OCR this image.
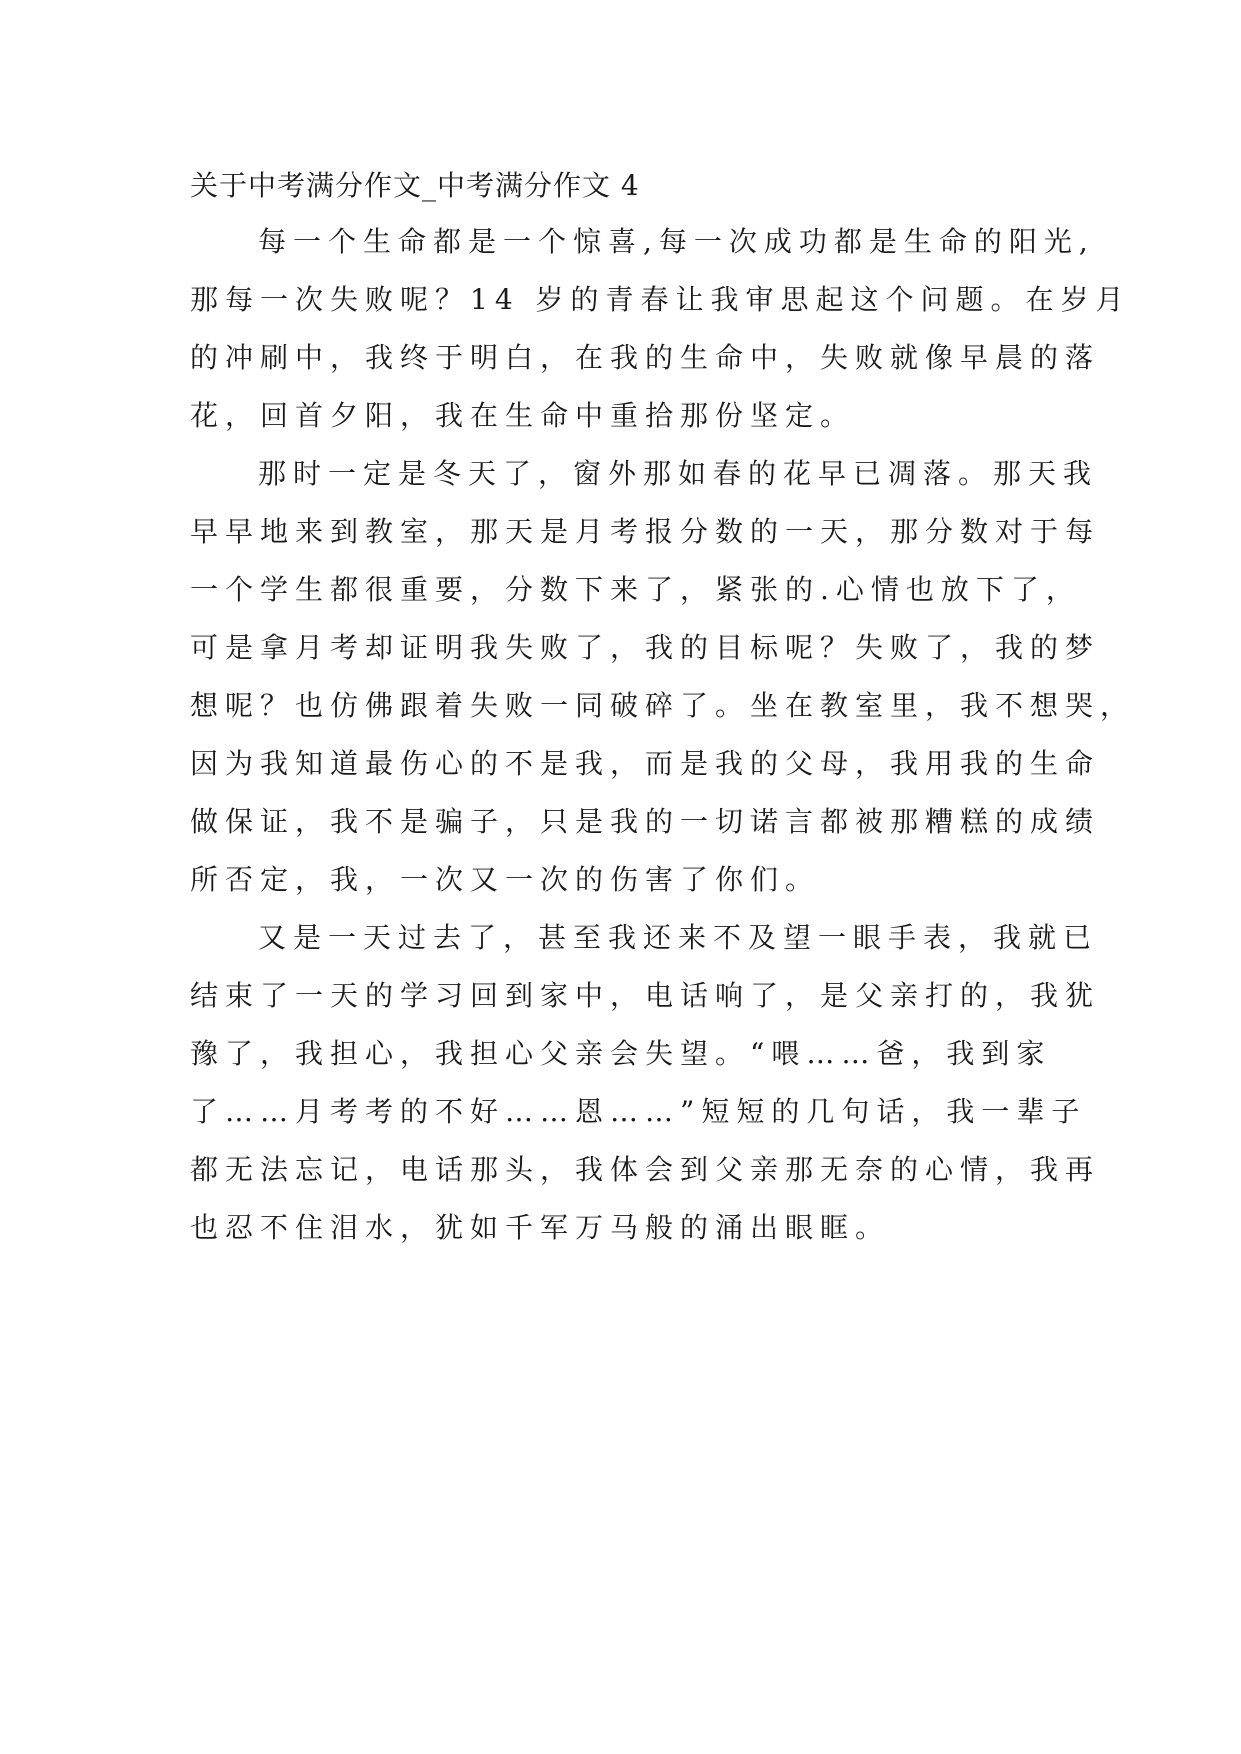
关于中考满分作文_中考满分作文 4
每一个生命都是一个惊喜,每一次成功都是生命的阳光,
那每一次失败呢？14 岁的青春让我审思起这个问题。在岁月
的冲刷中，我终于明白，在我的生命中，失败就像早晨的落
花，回首夕阳，我在生命中重拾那份坚定。
那时一定是冬天了，窗外那如春的花早已凋落。那天我
早早地来到教室，那天是月考报分数的一天，那分数对于每
一个学生都很重要，分数下来了，紧张的.心情也放下了，
可是拿月考却证明我失败了，我的目标呢？失败了，我的梦
想呢？也仿佛跟着失败一同破碎了。坐在教室里，我不想哭，
因为我知道最伤心的不是我，而是我的父母，我用我的生命
做保证，我不是骗子，只是我的一切诺言都被那糟糕的成绩
所否定，我，一次又一次的伤害了你们。
又是一天过去了，甚至我还来不及望一眼手表，我就已
结束了一天的学习回到家中，电话响了，是父亲打的，我犹
豫了，我担心，我担心父亲会失望。“喂……爸，我到家
了……月考考的不好……恩……”短短的几句话，我一辈子
都无法忘记，电话那头，我体会到父亲那无奈的心情，我再
也忍不住泪水，犹如千军万马般的涌出眼眶。
